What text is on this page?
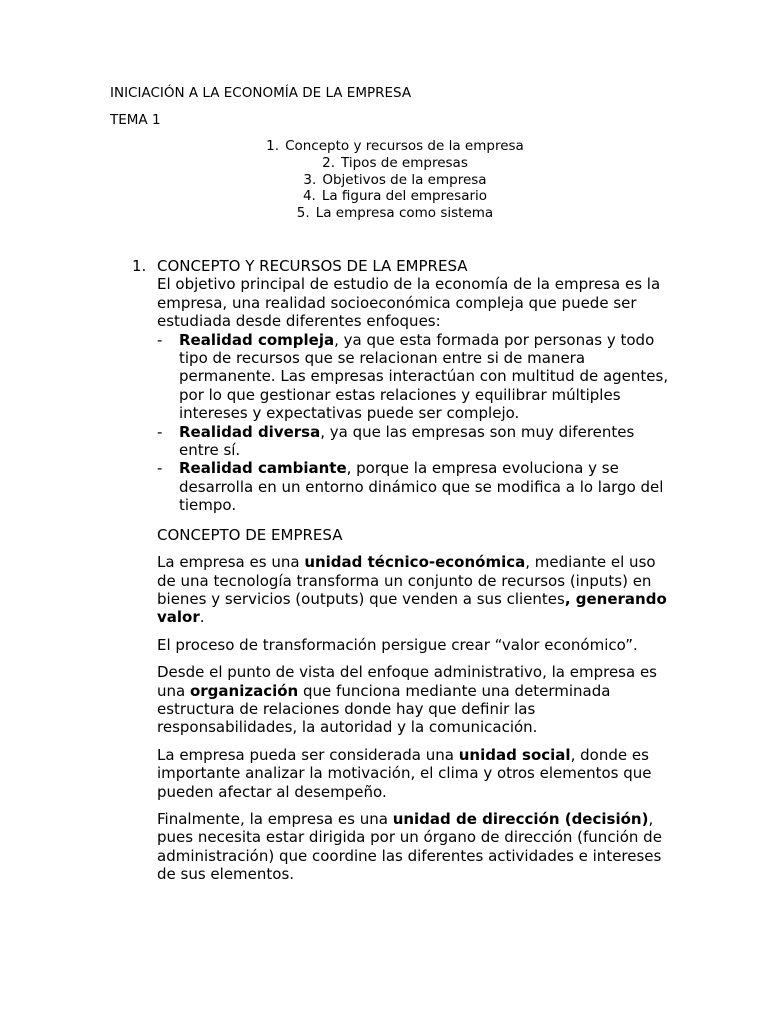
INICIACIÓN A LA ECONOMÍA DE LA EMPRESA
TEMA 1
1. Concepto y recursos de la empresa
2. Tipos de empresas
3. Objetivos de la empresa
4. La figura del empresario
5. La empresa como sistema
1. CONCEPTO Y RECURSOS DE LA EMPRESA

El objetivo principal de estudio de la economía de la empresa es la empresa, una realidad socioeconómica compleja que puede ser estudiada desde diferentes enfoques:

- Realidad compleja, ya que esta formada por personas y todo tipo de recursos que se relacionan entre si de manera permanente. Las empresas interactúan con multitud de agentes, por lo que gestionar estas relaciones y equilibrar múltiples intereses y expectativas puede ser complejo.
- Realidad diversa, ya que las empresas son muy diferentes entre sí.
- Realidad cambiante, porque la empresa evoluciona y se desarrolla en un entorno dinámico que se modifica a lo largo del tiempo.

CONCEPTO DE EMPRESA

La empresa es una unidad técnico-económica, mediante el uso de una tecnología transforma un conjunto de recursos (inputs) en bienes y servicios (outputs) que venden a sus clientes, generando valor.

El proceso de transformación persigue crear “valor económico”.

Desde el punto de vista del enfoque administrativo, la empresa es una organización que funciona mediante una determinada estructura de relaciones donde hay que definir las responsabilidades, la autoridad y la comunicación.

La empresa pueda ser considerada una unidad social, donde es importante analizar la motivación, el clima y otros elementos que pueden afectar al desempeño.

Finalmente, la empresa es una unidad de dirección (decisión), pues necesita estar dirigida por un órgano de dirección (función de administración) que coordine las diferentes actividades e intereses de sus elementos.
